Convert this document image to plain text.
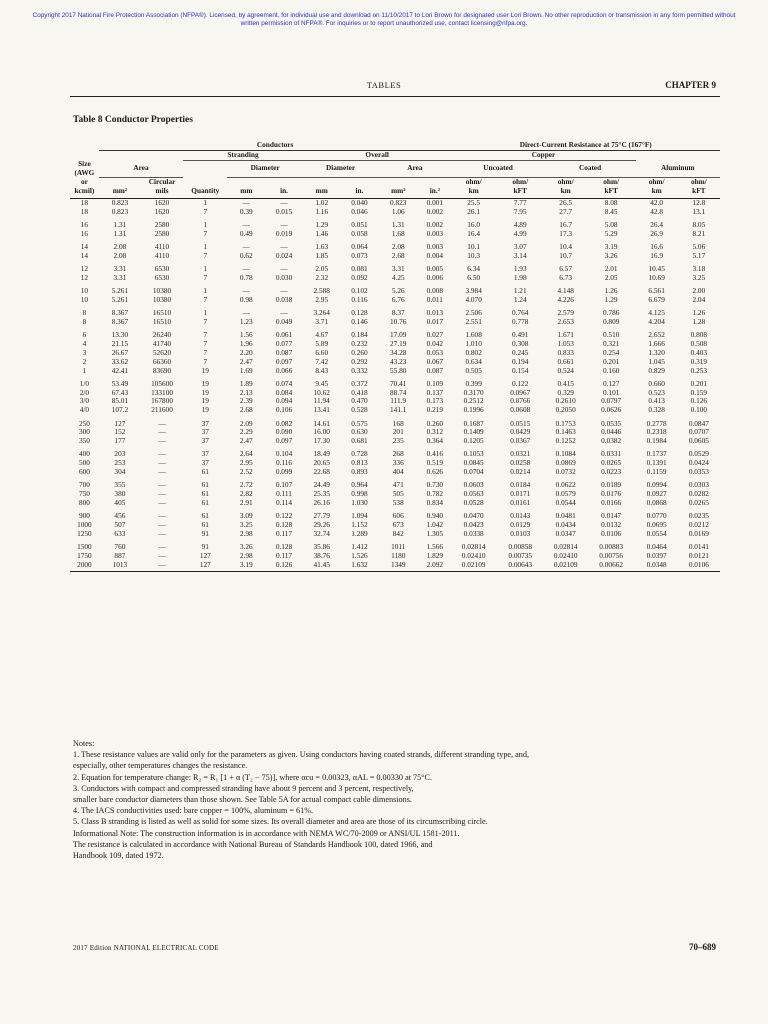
Copyright 2017 National Fire Protection Association (NFPA®). Licensed, by agreement, for individual use and download on 11/10/2017 to Lori Brown for designated user Lori Brown. No other reproduction or transmission in any form permitted without written permission of NFPA®. For inquiries or to report unauthorized use, contact licensing@nfpa.org.
TABLES	CHAPTER 9
Table 8 Conductor Properties
	Conductors									Direct-Current Resistance at 75°C (167°F)					
			Stranding			Overall				Copper					
Size
(AWG	Area			Diameter		Diameter		Area		Uncoated		Coated		Aluminum	
or		Circular								ohm/	ohm/	ohm/	ohm/	ohm/	ohm/
kcmil)	mm²	mils	Quantity	mm	in.	mm	in.	mm²	in.²	km	kFT	km	kFT	km	kFT
18	0.823	1620	1	—	—	1.02	0.040	0.823	0.001	25.5	7.77	26.5	8.08	42.0	12.8
18	0.823	1620	7	0.39	0.015	1.16	0.046	1.06	0.002	26.1	7.95	27.7	8.45	42.8	13.1
16	1.31	2580	1	—	—	1.29	0.051	1.31	0.002	16.0	4.89	16.7	5.08	26.4	8.05
16	1.31	2580	7	0.49	0.019	1.46	0.058	1.68	0.003	16.4	4.99	17.3	5.29	26.9	8.21
14	2.08	4110	1	—	—	1.63	0.064	2.08	0.003	10.1	3.07	10.4	3.19	16.6	5.06
14	2.08	4110	7	0.62	0.024	1.85	0.073	2.68	0.004	10.3	3.14	10.7	3.26	16.9	5.17
12	3.31	6530	1	—	—	2.05	0.081	3.31	0.005	6.34	1.93	6.57	2.01	10.45	3.18
12	3.31	6530	7	0.78	0.030	2.32	0.092	4.25	0.006	6.50	1.98	6.73	2.05	10.69	3.25
10	5.261	10380	1	—	—	2.588	0.102	5.26	0.008	3.984	1.21	4.148	1.26	6.561	2.00
10	5.261	10380	7	0.98	0.038	2.95	0.116	6.76	0.011	4.070	1.24	4.226	1.29	6.679	2.04
8	8.367	16510	1	—	—	3.264	0.128	8.37	0.013	2.506	0.764	2.579	0.786	4.125	1.26
8	8.367	16510	7	1.23	0.049	3.71	0.146	10.76	0.017	2.551	0.778	2.653	0.809	4.204	1.28
6	13.30	26240	7	1.56	0.061	4.67	0.184	17.09	0.027	1.608	0.491	1.671	0.510	2.652	0.808
4	21.15	41740	7	1.96	0.077	5.89	0.232	27.19	0.042	1.010	0.308	1.053	0.321	1.666	0.508
3	26.67	52620	7	2.20	0.087	6.60	0.260	34.28	0.053	0.802	0.245	0.833	0.254	1.320	0.403
2	33.62	66360	7	2.47	0.097	7.42	0.292	43.23	0.067	0.634	0.194	0.661	0.201	1.045	0.319
1	42.41	83690	19	1.69	0.066	8.43	0.332	55.80	0.087	0.505	0.154	0.524	0.160	0.829	0.253
1/0	53.49	105600	19	1.89	0.074	9.45	0.372	70.41	0.109	0.399	0.122	0.415	0.127	0.660	0.201
2/0	67.43	133100	19	2.13	0.084	10.62	0.418	88.74	0.137	0.3170	0.0967	0.329	0.101	0.523	0.159
3/0	85.01	167800	19	2.39	0.094	11.94	0.470	111.9	0.173	0.2512	0.0766	0.2610	0.0797	0.413	0.126
4/0	107.2	211600	19	2.68	0.106	13.41	0.528	141.1	0.219	0.1996	0.0608	0.2050	0.0626	0.328	0.100
250	127	—	37	2.09	0.082	14.61	0.575	168	0.260	0.1687	0.0515	0.1753	0.0535	0.2778	0.0847
300	152	—	37	2.29	0.090	16.00	0.630	201	0.312	0.1409	0.0429	0.1463	0.0446	0.2318	0.0707
350	177	—	37	2.47	0.097	17.30	0.681	235	0.364	0.1205	0.0367	0.1252	0.0382	0.1984	0.0605
400	203	—	37	2.64	0.104	18.49	0.728	268	0.416	0.1053	0.0321	0.1084	0.0331	0.1737	0.0529
500	253	—	37	2.95	0.116	20.65	0.813	336	0.519	0.0845	0.0258	0.0869	0.0265	0.1391	0.0424
600	304	—	61	2.52	0.099	22.68	0.893	404	0.626	0.0704	0.0214	0.0732	0.0223	0.1159	0.0353
700	355	—	61	2.72	0.107	24.49	0.964	471	0.730	0.0603	0.0184	0.0622	0.0189	0.0994	0.0303
750	380	—	61	2.82	0.111	25.35	0.998	505	0.782	0.0563	0.0171	0.0579	0.0176	0.0927	0.0282
800	405	—	61	2.91	0.114	26.16	1.030	538	0.834	0.0528	0.0161	0.0544	0.0166	0.0868	0.0265
900	456	—	61	3.09	0.122	27.79	1.094	606	0.940	0.0470	0.0143	0.0481	0.0147	0.0770	0.0235
1000	507	—	61	3.25	0.128	29.26	1.152	673	1.042	0.0423	0.0129	0.0434	0.0132	0.0695	0.0212
1250	633	—	91	2.98	0.117	32.74	1.289	842	1.305	0.0338	0.0103	0.0347	0.0106	0.0554	0.0169
1500	760	—	91	3.26	0.128	35.86	1.412	1011	1.566	0.02814	0.00858	0.02814	0.00883	0.0464	0.0141
1750	887	—	127	2.98	0.117	38.76	1.526	1180	1.829	0.02410	0.00735	0.02410	0.00756	0.0397	0.0121
2000	1013	—	127	3.19	0.126	41.45	1.632	1349	2.092	0.02109	0.00643	0.02109	0.00662	0.0348	0.0106
Notes:
1. These resistance values are valid only for the parameters as given. Using conductors having coated strands, different stranding type, and,
especially, other temperatures changes the resistance.
2. Equation for temperature change: R₂ = R₁ [1 + α (T₂ − 75)], where αcu = 0.00323, αAL = 0.00330 at 75°C.
3. Conductors with compact and compressed stranding have about 9 percent and 3 percent, respectively,
smaller bare conductor diameters than those shown. See Table 5A for actual compact cable dimensions.
4. The IACS conductivities used: bare copper = 100%, aluminum = 61%.
5. Class B stranding is listed as well as solid for some sizes. Its overall diameter and area are those of its circumscribing circle.
Informational Note: The construction information is in accordance with NEMA WC/70-2009 or ANSI/UL 1581-2011.
The resistance is calculated in accordance with National Bureau of Standards Handbook 100, dated 1966, and
Handbook 109, dated 1972.
2017 Edition NATIONAL ELECTRICAL CODE	70–689
